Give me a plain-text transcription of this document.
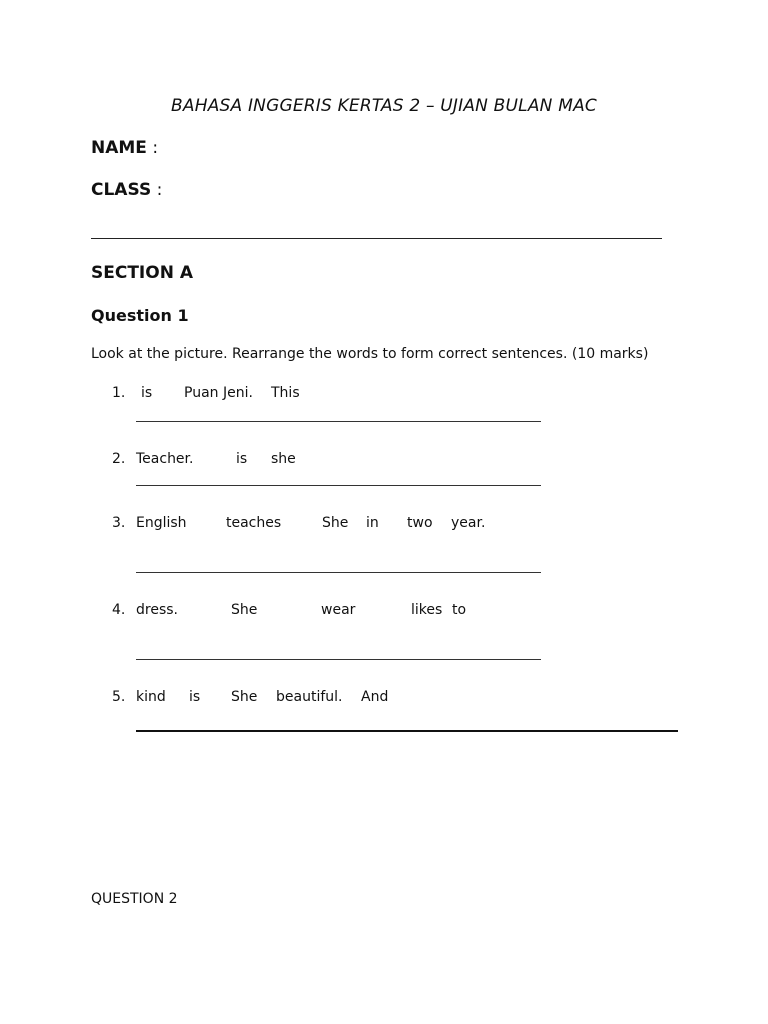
BAHASA INGGERIS KERTAS 2 – UJIAN BULAN MAC
NAME :
CLASS :
SECTION A
Question 1
Look at the picture. Rearrange the words to form correct sentences. (10 marks)
1. is Puan Jeni. This
2. Teacher.	is she
3. English	teaches	She in two year.
4. dress.	She	wear	likes to
5. kind is She beautiful. And
QUESTION 2
